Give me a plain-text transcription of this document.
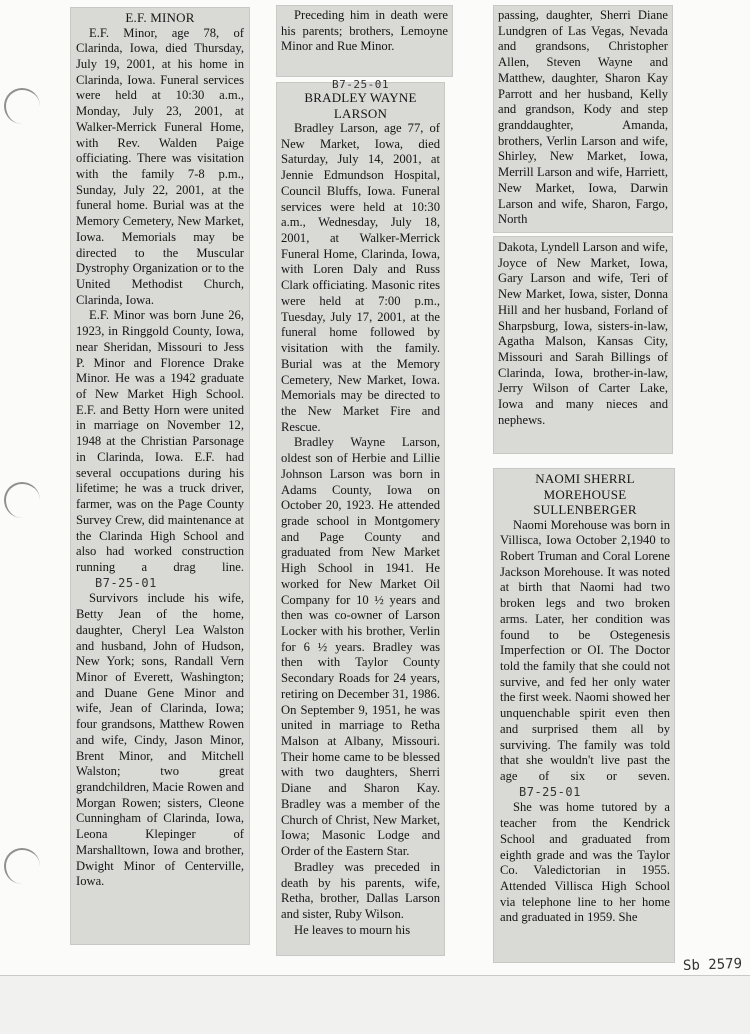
E.F. MINOR

E.F. Minor, age 78, of Clarinda, Iowa, died Thursday, July 19, 2001, at his home in Clarinda, Iowa. Funeral services were held at 10:30 a.m., Monday, July 23, 2001, at Walker-Merrick Funeral Home, with Rev. Walden Paige officiating. There was visitation with the family 7-8 p.m., Sunday, July 22, 2001, at the funeral home. Burial was at the Memory Cemetery, New Market, Iowa. Memorials may be directed to the Muscular Dystrophy Organization or to the United Methodist Church, Clarinda, Iowa.

E.F. Minor was born June 26, 1923, in Ringgold County, Iowa, near Sheridan, Missouri to Jess P. Minor and Florence Drake Minor. He was a 1942 graduate of New Market High School. E.F. and Betty Horn were united in marriage on November 12, 1948 at the Christian Parsonage in Clarinda, Iowa. E.F. had several occupations during his lifetime; he was a truck driver, farmer, was on the Page County Survey Crew, did maintenance at the Clarinda High School and also had worked construction running a drag line.B7-25-01

Survivors include his wife, Betty Jean of the home, daughter, Cheryl Lea Walston and husband, John of Hudson, New York; sons, Randall Vern Minor of Everett, Washington; and Duane Gene Minor and wife, Jean of Clarinda, Iowa; four grandsons, Matthew Rowen and wife, Cindy, Jason Minor, Brent Minor, and Mitchell Walston; two great grandchildren, Macie Rowen and Morgan Rowen; sisters, Cleone Cunningham of Clarinda, Iowa, Leona Klepinger of Marshalltown, Iowa and brother, Dwight Minor of Centerville, Iowa.

Preceding him in death were his parents; brothers, Lemoyne Minor and Rue Minor.

B7-25-01
BRADLEY WAYNE
LARSON

Bradley Larson, age 77, of New Market, Iowa, died Saturday, July 14, 2001, at Jennie Edmundson Hospital, Council Bluffs, Iowa. Funeral services were held at 10:30 a.m., Wednesday, July 18, 2001, at Walker-Merrick Funeral Home, Clarinda, Iowa, with Loren Daly and Russ Clark officiating. Masonic rites were held at 7:00 p.m., Tuesday, July 17, 2001, at the funeral home followed by visitation with the family. Burial was at the Memory Cemetery, New Market, Iowa. Memorials may be directed to the New Market Fire and Rescue.

Bradley Wayne Larson, oldest son of Herbie and Lillie Johnson Larson was born in Adams County, Iowa on October 20, 1923. He attended grade school in Montgomery and Page County and graduated from New Market High School in 1941. He worked for New Market Oil Company for 10 ½ years and then was co-owner of Larson Locker with his brother, Verlin for 6 ½ years. Bradley was then with Taylor County Secondary Roads for 24 years, retiring on December 31, 1986. On September 9, 1951, he was united in marriage to Retha Malson at Albany, Missouri. Their home came to be blessed with two daughters, Sherri Diane and Sharon Kay. Bradley was a member of the Church of Christ, New Market, Iowa; Masonic Lodge and Order of the Eastern Star.

Bradley was preceded in death by his parents, wife, Retha, brother, Dallas Larson and sister, Ruby Wilson.

He leaves to mourn his

passing, daughter, Sherri Diane Lundgren of Las Vegas, Nevada and grandsons, Christopher Allen, Steven Wayne and Matthew, daughter, Sharon Kay Parrott and her husband, Kelly and grandson, Kody and step granddaughter, Amanda, brothers, Verlin Larson and wife, Shirley, New Market, Iowa, Merrill Larson and wife, Harriett, New Market, Iowa, Darwin Larson and wife, Sharon, Fargo, North

Dakota, Lyndell Larson and wife, Joyce of New Market, Iowa, Gary Larson and wife, Teri of New Market, Iowa, sister, Donna Hill and her husband, Forland of Sharpsburg, Iowa, sisters-in-law, Agatha Malson, Kansas City, Missouri and Sarah Billings of Clarinda, Iowa, brother-in-law, Jerry Wilson of Carter Lake, Iowa and many nieces and nephews.

NAOMI SHERRL
MOREHOUSE
SULLENBERGER

Naomi Morehouse was born in Villisca, Iowa October 2,1940 to Robert Truman and Coral Lorene Jackson Morehouse. It was noted at birth that Naomi had two broken legs and two broken arms. Later, her condition was found to be Ostegenesis Imperfection or OI. The Doctor told the family that she could not survive, and fed her only water the first week. Naomi showed her unquenchable spirit even then and surprised them all by surviving. The family was told that she wouldn't live past the age of six or seven.B7-25-01

She was home tutored by a teacher from the Kendrick School and graduated from eighth grade and was the Taylor Co. Valedictorian in 1955. Attended Villisca High School via telephone line to her home and graduated in 1959. She

Sb 2579
